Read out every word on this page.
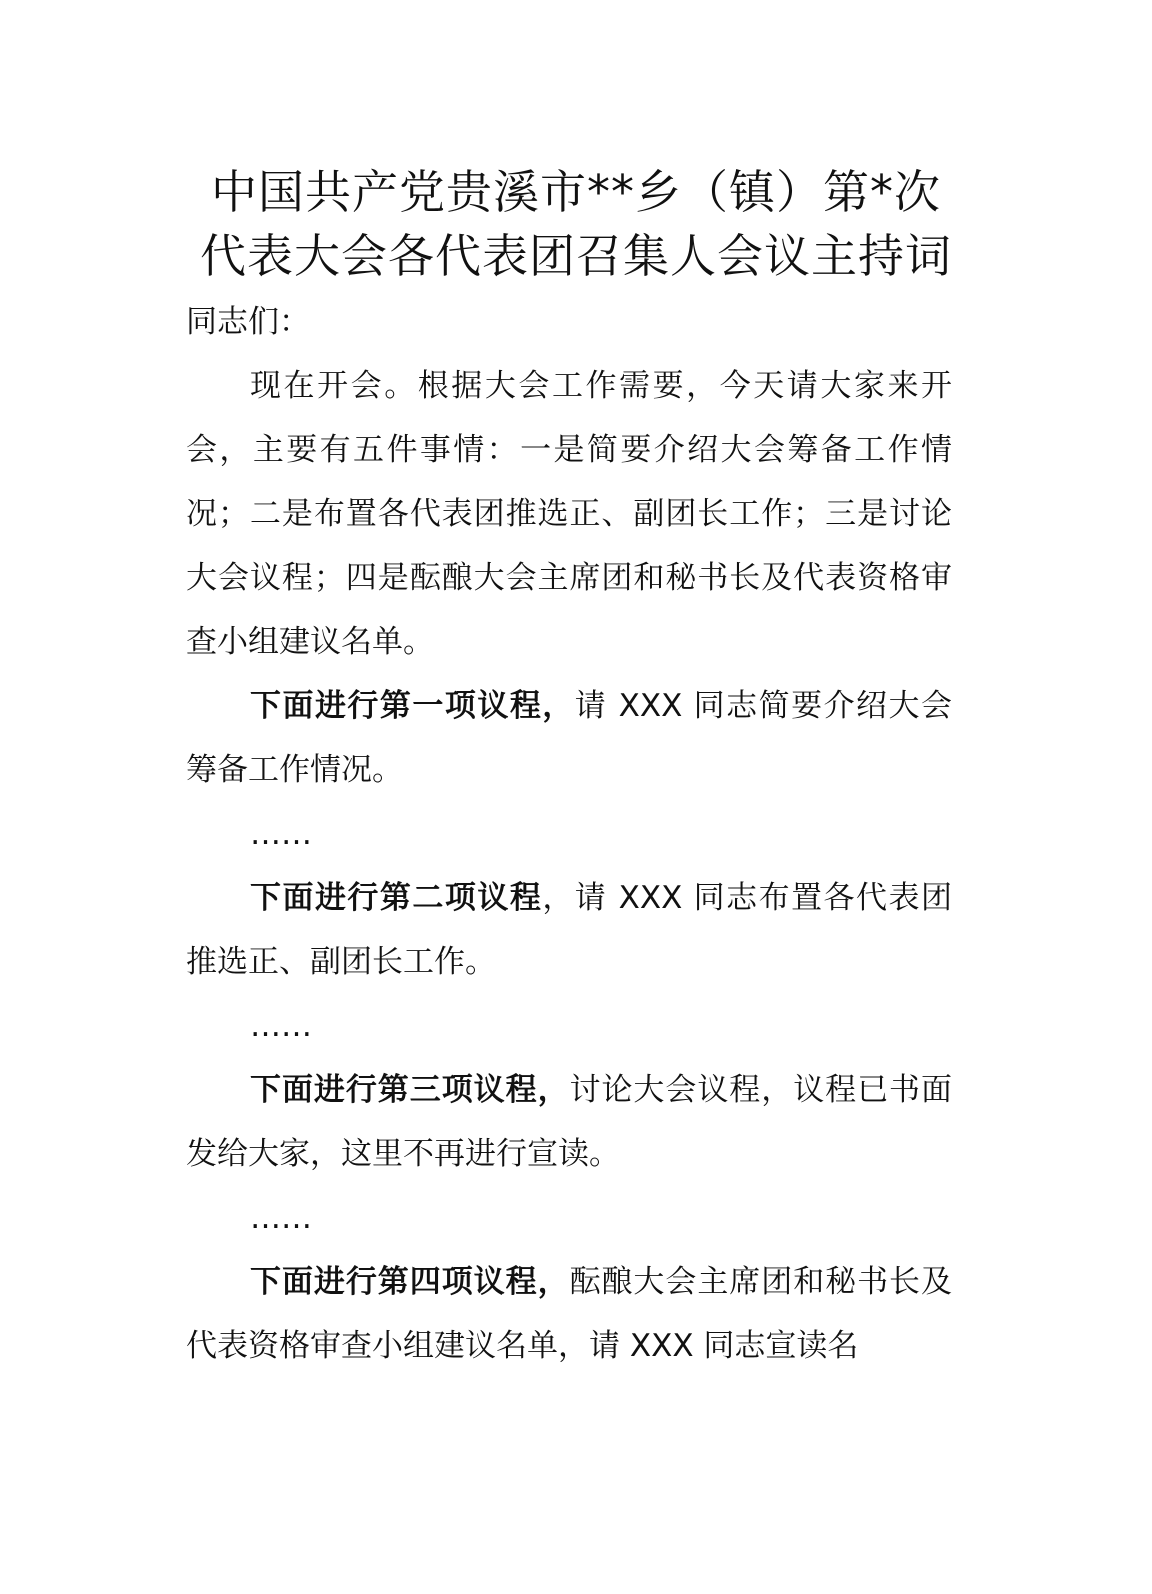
中国共产党贵溪市**乡（镇）第*次
代表大会各代表团召集人会议主持词

同志们：

现在开会。根据大会工作需要，今天请大家来开会，主要有五件事情：一是简要介绍大会筹备工作情况；二是布置各代表团推选正、副团长工作；三是讨论大会议程；四是酝酿大会主席团和秘书长及代表资格审查小组建议名单。

下面进行第一项议程，请 XXX 同志简要介绍大会筹备工作情况。

……

下面进行第二项议程，请 XXX 同志布置各代表团推选正、副团长工作。

……

下面进行第三项议程，讨论大会议程，议程已书面发给大家，这里不再进行宣读。

……

下面进行第四项议程，酝酿大会主席团和秘书长及代表资格审查小组建议名单，请 XXX 同志宣读名
